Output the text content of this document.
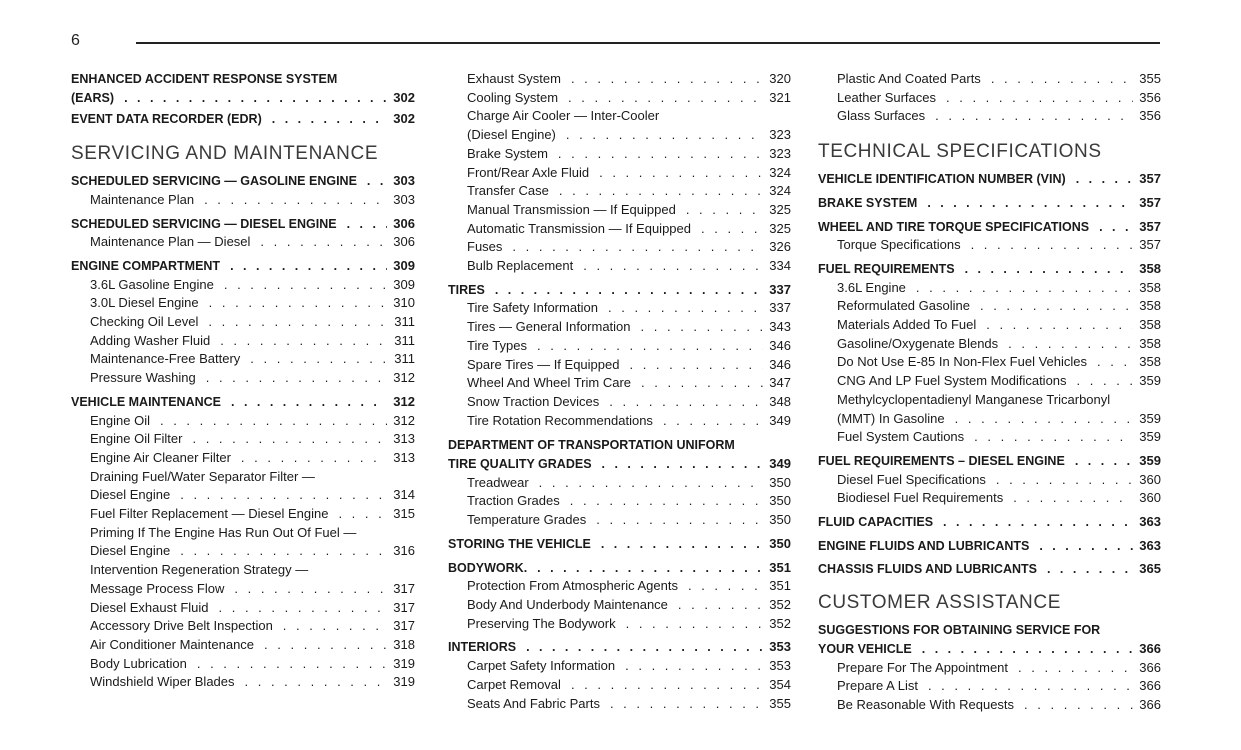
6
ENHANCED ACCIDENT RESPONSE SYSTEM
(EARS) . . .	302
EVENT DATA RECORDER (EDR) . . .	302
SERVICING AND MAINTENANCE
SCHEDULED SERVICING — GASOLINE ENGINE . . .	303
Maintenance Plan . . .	303
SCHEDULED SERVICING — DIESEL ENGINE . . .	306
Maintenance Plan — Diesel . . .	306
ENGINE COMPARTMENT . . .	309
3.6L Gasoline Engine . . .	309
3.0L Diesel Engine . . .	310
Checking Oil Level . . .	311
Adding Washer Fluid . . .	311
Maintenance-Free Battery . . .	311
Pressure Washing . . .	312
VEHICLE MAINTENANCE . . .	312
Engine Oil . . .	312
Engine Oil Filter . . .	313
Engine Air Cleaner Filter . . .	313
Draining Fuel/Water Separator Filter —
Diesel Engine . . .	314
Fuel Filter Replacement — Diesel Engine . . .	315
Priming If The Engine Has Run Out Of Fuel —
Diesel Engine . . .	316
Intervention Regeneration Strategy —
Message Process Flow . . .	317
Diesel Exhaust Fluid . . .	317
Accessory Drive Belt Inspection . . .	317
Air Conditioner Maintenance . . .	318
Body Lubrication . . .	319
Windshield Wiper Blades . . .	319
Exhaust System . . .	320
Cooling System . . .	321
Charge Air Cooler — Inter-Cooler
(Diesel Engine) . . .	323
Brake System . . .	323
Front/Rear Axle Fluid . . .	324
Transfer Case . . .	324
Manual Transmission — If Equipped . . .	325
Automatic Transmission — If Equipped . . .	325
Fuses . . .	326
Bulb Replacement . . .	334
TIRES . . .	337
Tire Safety Information . . .	337
Tires — General Information . . .	343
Tire Types . . .	346
Spare Tires — If Equipped . . .	346
Wheel And Wheel Trim Care . . .	347
Snow Traction Devices . . .	348
Tire Rotation Recommendations . . .	349
DEPARTMENT OF TRANSPORTATION UNIFORM
TIRE QUALITY GRADES . . .	349
Treadwear . . .	350
Traction Grades . . .	350
Temperature Grades . . .	350
STORING THE VEHICLE . . .	350
BODYWORK. . . .	351
Protection From Atmospheric Agents . . .	351
Body And Underbody Maintenance . . .	352
Preserving The Bodywork . . .	352
INTERIORS . . .	353
Carpet Safety Information . . .	353
Carpet Removal . . .	354
Seats And Fabric Parts . . .	355
Plastic And Coated Parts . . .	355
Leather Surfaces . . .	356
Glass Surfaces . . .	356
TECHNICAL SPECIFICATIONS
VEHICLE IDENTIFICATION NUMBER (VIN) . . .	357
BRAKE SYSTEM . . .	357
WHEEL AND TIRE TORQUE SPECIFICATIONS . . .	357
Torque Specifications . . .	357
FUEL REQUIREMENTS . . .	358
3.6L Engine . . .	358
Reformulated Gasoline . . .	358
Materials Added To Fuel . . .	358
Gasoline/Oxygenate Blends . . .	358
Do Not Use E-85 In Non-Flex Fuel Vehicles . . .	358
CNG And LP Fuel System Modifications . . .	359
Methylcyclopentadienyl Manganese Tricarbonyl
(MMT) In Gasoline . . .	359
Fuel System Cautions . . .	359
FUEL REQUIREMENTS – DIESEL ENGINE . . .	359
Diesel Fuel Specifications . . .	360
Biodiesel Fuel Requirements . . .	360
FLUID CAPACITIES . . .	363
ENGINE FLUIDS AND LUBRICANTS . . .	363
CHASSIS FLUIDS AND LUBRICANTS . . .	365
CUSTOMER ASSISTANCE
SUGGESTIONS FOR OBTAINING SERVICE FOR
YOUR VEHICLE . . .	366
Prepare For The Appointment . . .	366
Prepare A List . . .	366
Be Reasonable With Requests . . .	366
